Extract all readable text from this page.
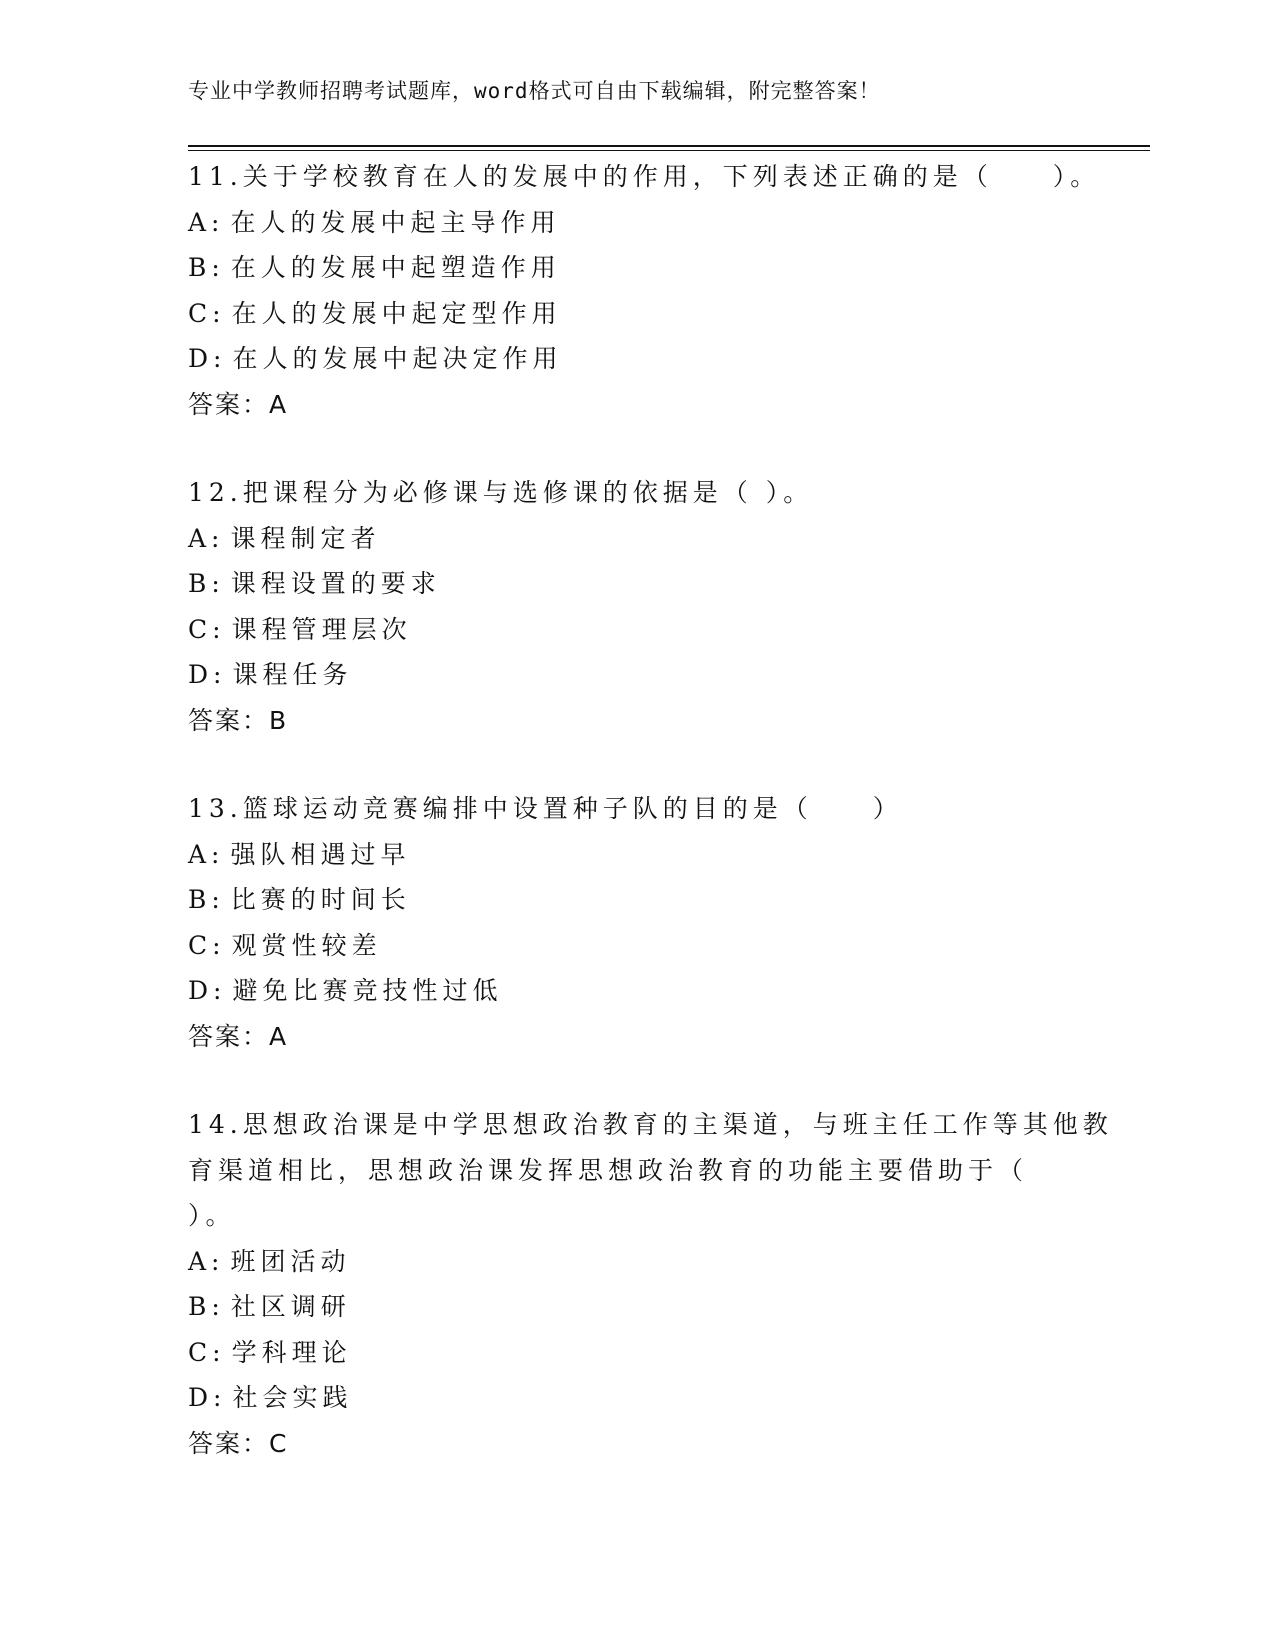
专业中学教师招聘考试题库，word格式可自由下载编辑，附完整答案！
11.关于学校教育在人的发展中的作用，下列表述正确的是（　　）。
A: 在人的发展中起主导作用
B: 在人的发展中起塑造作用
C: 在人的发展中起定型作用
D: 在人的发展中起决定作用
答案：A
12.把课程分为必修课与选修课的依据是（ ）。
A: 课程制定者
B: 课程设置的要求
C: 课程管理层次
D: 课程任务
答案：B
13.篮球运动竞赛编排中设置种子队的目的是（　　）
A: 强队相遇过早
B: 比赛的时间长
C: 观赏性较差
D: 避免比赛竞技性过低
答案：A
14.思想政治课是中学思想政治教育的主渠道，与班主任工作等其他教
育渠道相比，思想政治课发挥思想政治教育的功能主要借助于（
）。
A: 班团活动
B: 社区调研
C: 学科理论
D: 社会实践
答案：C
